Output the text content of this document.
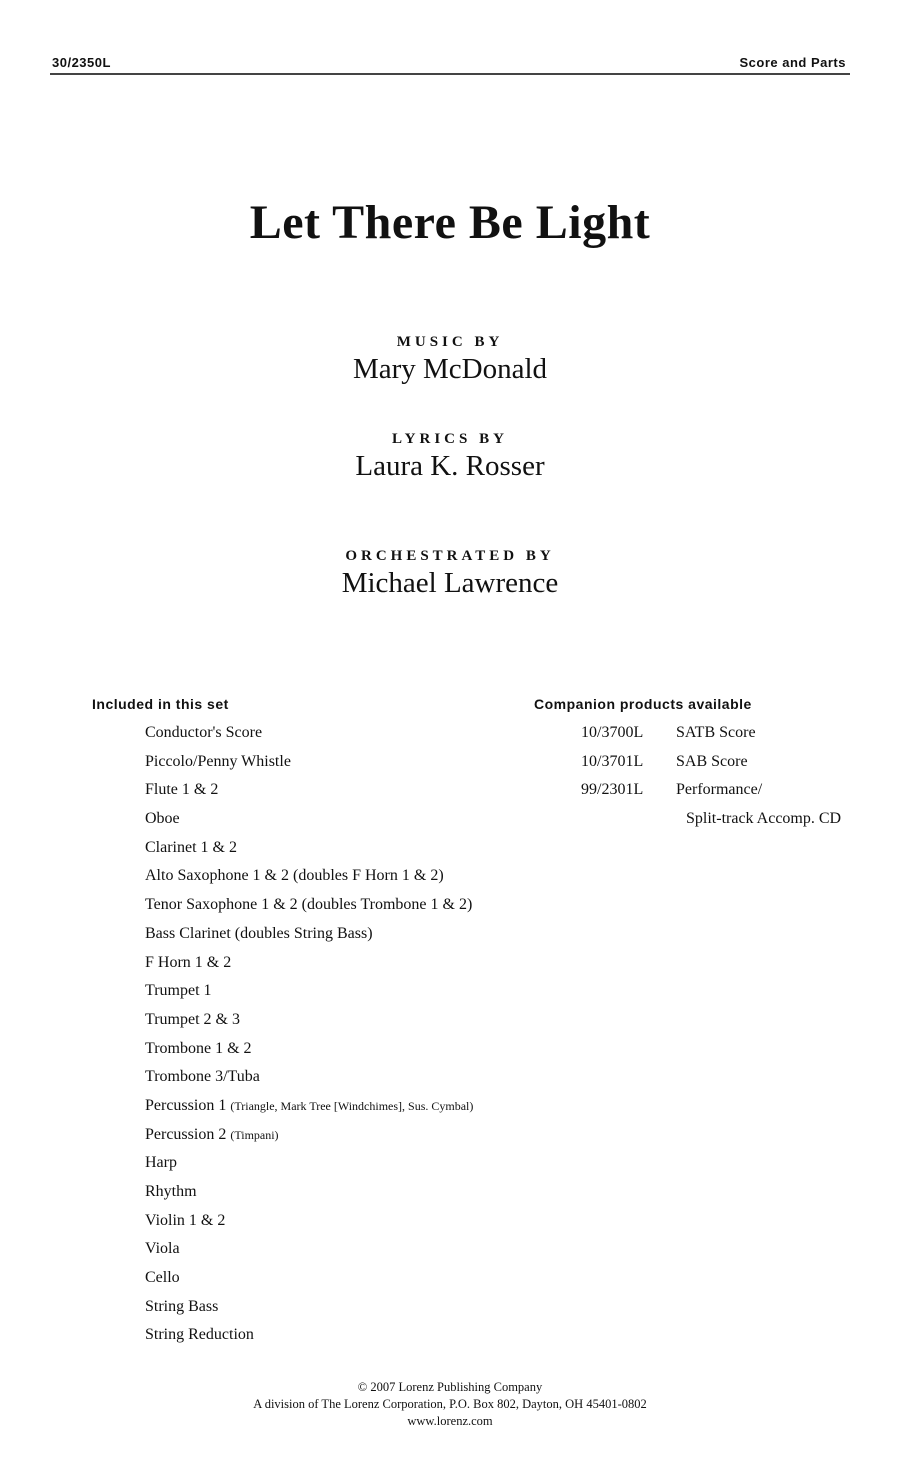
30/2350L	Score and Parts
Let There Be Light
MUSIC BY
Mary McDonald
LYRICS BY
Laura K. Rosser
ORCHESTRATED BY
Michael Lawrence
Included in this set
Conductor's Score
Piccolo/Penny Whistle
Flute 1 & 2
Oboe
Clarinet 1 & 2
Alto Saxophone 1 & 2 (doubles F Horn 1 & 2)
Tenor Saxophone 1 & 2 (doubles Trombone 1 & 2)
Bass Clarinet (doubles String Bass)
F Horn 1 & 2
Trumpet 1
Trumpet 2 & 3
Trombone 1 & 2
Trombone 3/Tuba
Percussion 1 (Triangle, Mark Tree [Windchimes], Sus. Cymbal)
Percussion 2 (Timpani)
Harp
Rhythm
Violin 1 & 2
Viola
Cello
String Bass
String Reduction
Companion products available
10/3700L	SATB Score
10/3701L	SAB Score
99/2301L	Performance/
	Split-track Accomp. CD
© 2007 Lorenz Publishing Company
A division of The Lorenz Corporation, P.O. Box 802, Dayton, OH 45401-0802
www.lorenz.com
